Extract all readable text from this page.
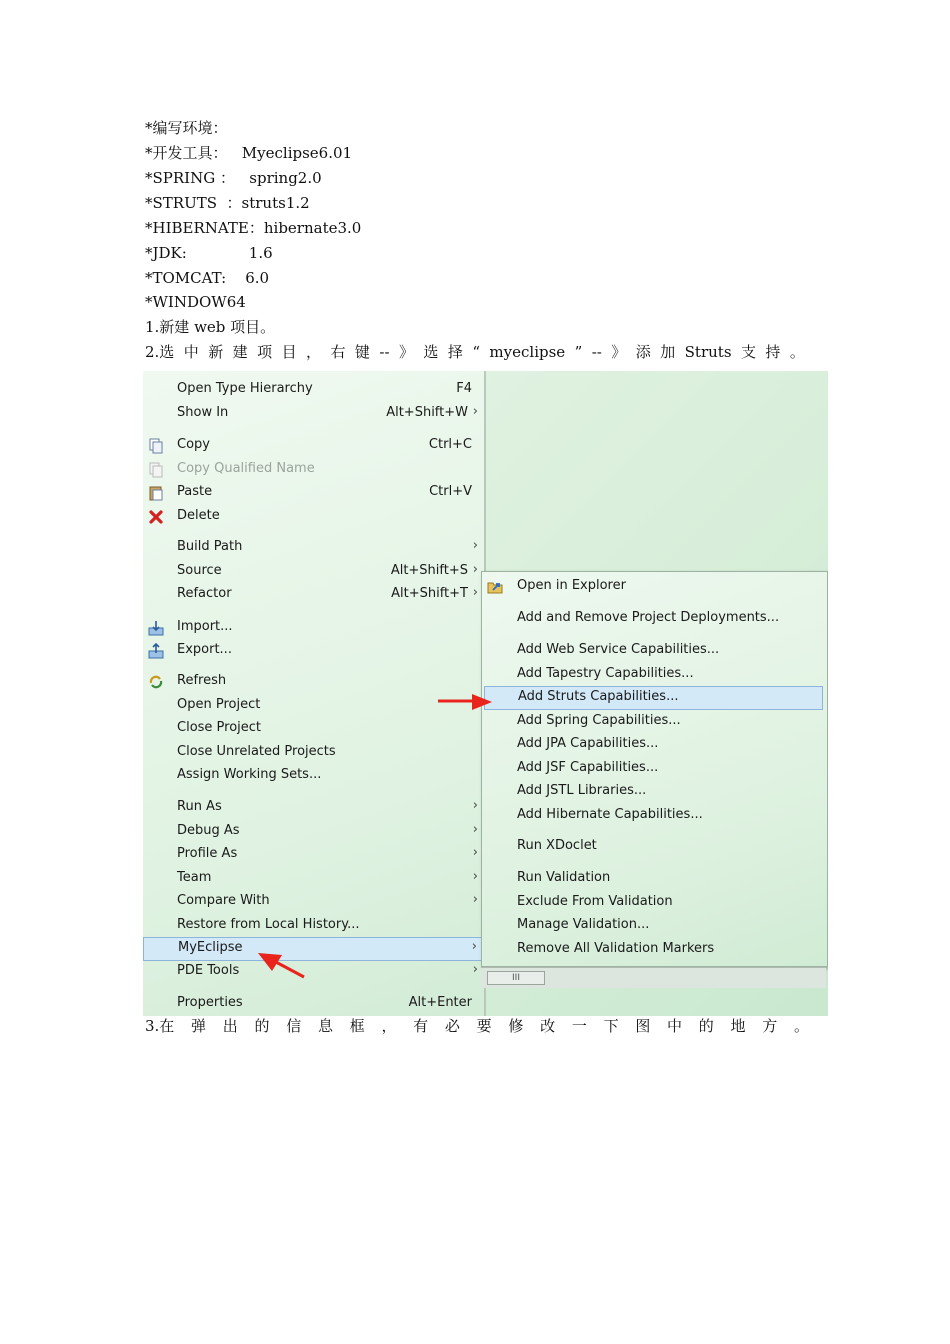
*编写环境：
*开发工具：   Myeclipse6.01
*SPRING ：   spring2.0
*STRUTS  ：struts1.2
*HIBERNATE：hibernate3.0
*JDK:             1.6
*TOMCAT:    6.0
*WINDOW64
1.新建 web 项目。
2.选 中 新 建 项 目 ， 右 键 -- 》 选 择 “ myeclipse ” -- 》 添 加 Struts 支 持 。
Open Type Hierarchy	F4
Show In	Alt+Shift+W ›
Copy	Ctrl+C
Copy Qualified Name
Paste	Ctrl+V
Delete
Build Path	›
Source	Alt+Shift+S ›
Refactor	Alt+Shift+T ›
Import...
Export...
Refresh
Open Project
Close Project
Close Unrelated Projects
Assign Working Sets...
Run As	›
Debug As	›
Profile As	›
Team	›
Compare With	›
Restore from Local History...
MyEclipse	›
PDE Tools	›
Properties	Alt+Enter
Open in Explorer
Add and Remove Project Deployments...
Add Web Service Capabilities...
Add Tapestry Capabilities...
Add Struts Capabilities...
Add Spring Capabilities...
Add JPA Capabilities...
Add JSF Capabilities...
Add JSTL Libraries...
Add Hibernate Capabilities...
Run XDoclet
Run Validation
Exclude From Validation
Manage Validation...
Remove All Validation Markers
III
3.在 弹 出 的 信 息 框 ， 有 必 要 修 改 一 下 图 中 的 地 方 。
